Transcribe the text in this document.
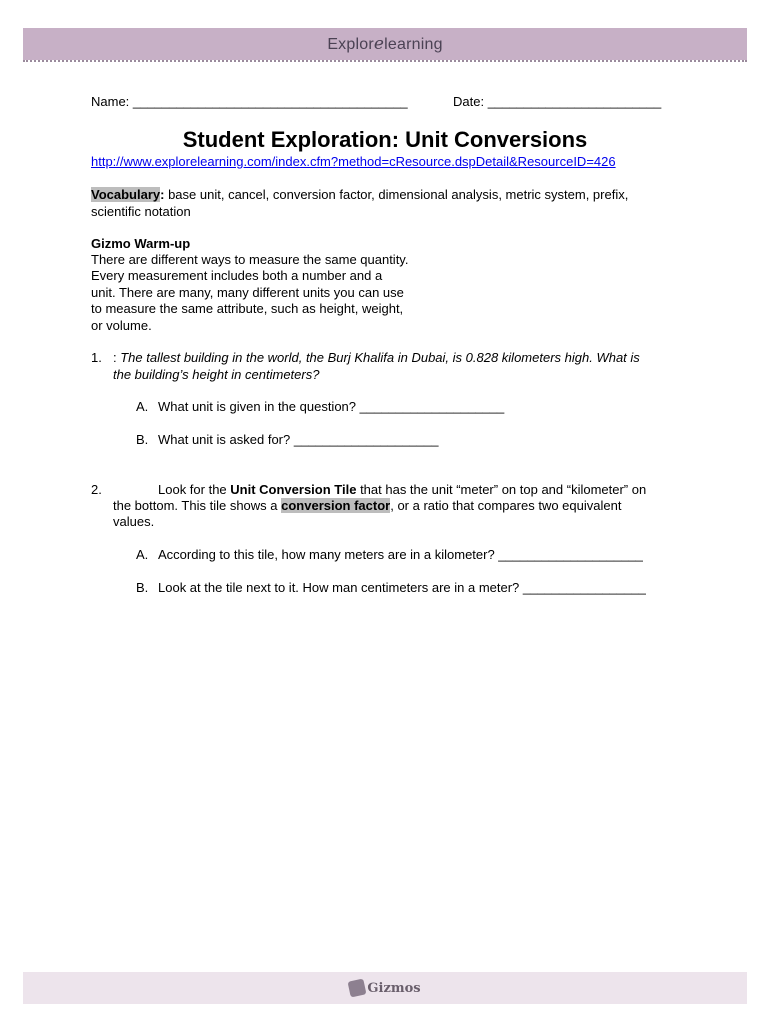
Explorelearning
Name: ______________________________________	Date: ________________________
Student Exploration: Unit Conversions
http://www.explorelearning.com/index.cfm?method=cResource.dspDetail&ResourceID=426
Vocabulary: base unit, cancel, conversion factor, dimensional analysis, metric system, prefix,
scientific notation
Gizmo Warm-up
There are different ways to measure the same quantity.
Every measurement includes both a number and a
unit. There are many, many different units you can use
to measure the same attribute, such as height, weight,
or volume.
1. : The tallest building in the world, the Burj Khalifa in Dubai, is 0.828 kilometers high. What is
the building’s height in centimeters?
A. What unit is given in the question? ____________________
B. What unit is asked for? ____________________
2.	Look for the Unit Conversion Tile that has the unit “meter” on top and “kilometer” on
the bottom. This tile shows a conversion factor, or a ratio that compares two equivalent
values.
A. According to this tile, how many meters are in a kilometer? ____________________
B. Look at the tile next to it. How man centimeters are in a meter? _________________
Gizmos
